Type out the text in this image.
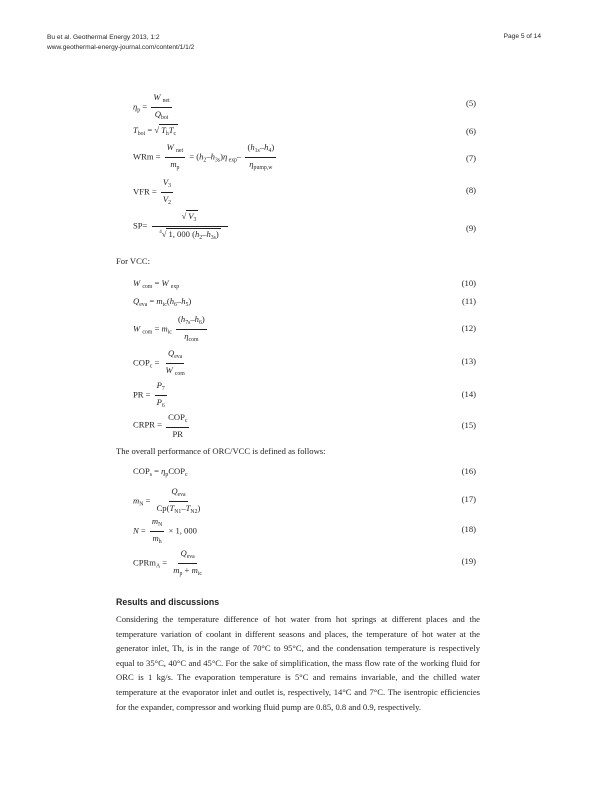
Bu et al. Geothermal Energy 2013, 1:2
www.geothermal-energy-journal.com/content/1/1/2
Page 5 of 14
$\eta_p = \frac{W _{net}}{Q_{boi}}$	(5)
$T_{boi}$ = √ $T_hT_c$	(6)
WRm = $\frac{W _{net}}{m_p} = (h_2-h_{3s})\eta$ $_{exp}- \frac{(h_{1s}-h_4)}{\eta_{pump,w}}$	(7)
VFR = $\frac{V_3}{V_2}$	(8)
$SP= \frac{√ V_3}{^4√ 1, 000 (h_2-h_{3s})}$	(9)
For VCC:
W $_{com}$ = W $_{exp}$	(10)
$Q_{eva} = m_{ic}(h_6-h_5)$	(11)
W $_{com} = m_{ic} \frac{(h_{7s}-h_6)}{\eta_{com}}$	(12)
$COP_c = \frac{Q_{eva}}{W _{com}}$	(13)
PR = $\frac{P_7}{P_6}$	(14)
CRPR = $\frac{COP_c}{PR}$	(15)
The overall performance of ORC/VCC is defined as follows:
$COP_s = \eta_pCOP_c$	(16)
$m_N = \frac{Q_{eva}}{Cp(T_{N1}-T_{N2})}$	(17)
$N = \frac{m_N}{m_h} \times 1$, 000	(18)
CPRm$_A$ = $\frac{Q_{eva}}{m_p + m_{ic}}$	(19)
Results and discussions
Considering the temperature difference of hot water from hot springs at different places and the temperature variation of coolant in different seasons and places, the temperature of hot water at the generator inlet, Th, is in the range of 70°C to 95°C, and the condensation temperature is respectively equal to 35°C, 40°C and 45°C. For the sake of simplification, the mass flow rate of the working fluid for ORC is 1 kg/s. The evaporation temperature is 5°C and remains invariable, and the chilled water temperature at the evaporator inlet and outlet is, respectively, 14°C and 7°C. The isentropic efficiencies for the expander, compressor and working fluid pump are 0.85, 0.8 and 0.9, respectively.
